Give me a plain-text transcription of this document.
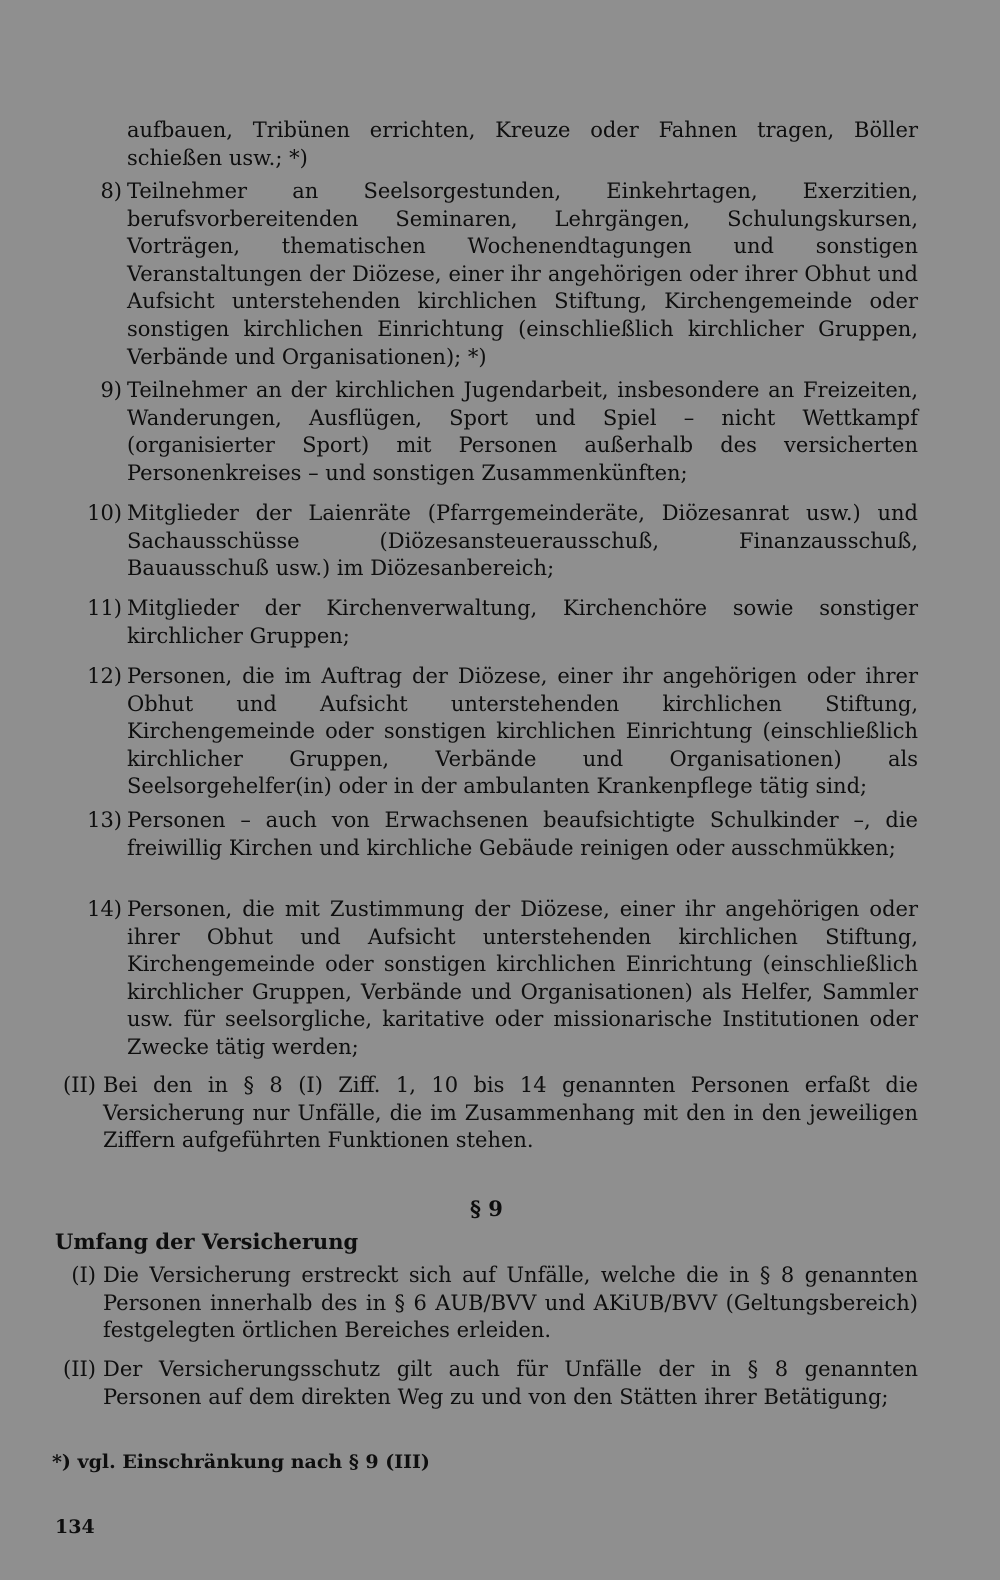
aufbauen, Tribünen errichten, Kreuze oder Fahnen tragen, Böller schießen usw.; *)
8) Teilnehmer an Seelsorgestunden, Einkehrtagen, Exerzitien, berufsvorbereitenden Seminaren, Lehrgängen, Schulungskursen, Vorträgen, thematischen Wochenendtagungen und sonstigen Veranstaltungen der Diözese, einer ihr angehörigen oder ihrer Obhut und Aufsicht unterstehenden kirchlichen Stiftung, Kirchengemeinde oder sonstigen kirchlichen Einrichtung (einschließlich kirchlicher Gruppen, Verbände und Organisationen); *)
9) Teilnehmer an der kirchlichen Jugendarbeit, insbesondere an Freizeiten, Wanderungen, Ausflügen, Sport und Spiel – nicht Wettkampf (organisierter Sport) mit Personen außerhalb des versicherten Personenkreises – und sonstigen Zusammenkünften;
10) Mitglieder der Laienräte (Pfarrgemeinderäte, Diözesanrat usw.) und Sachausschüsse (Diözesansteuerausschuß, Finanzausschuß, Bauausschuß usw.) im Diözesanbereich;
11) Mitglieder der Kirchenverwaltung, Kirchenchöre sowie sonstiger kirchlicher Gruppen;
12) Personen, die im Auftrag der Diözese, einer ihr angehörigen oder ihrer Obhut und Aufsicht unterstehenden kirchlichen Stiftung, Kirchengemeinde oder sonstigen kirchlichen Einrichtung (einschließlich kirchlicher Gruppen, Verbände und Organisationen) als Seelsorgehelfer(in) oder in der ambulanten Krankenpflege tätig sind;
13) Personen – auch von Erwachsenen beaufsichtigte Schulkinder –, die freiwillig Kirchen und kirchliche Gebäude reinigen oder ausschmükken;
14) Personen, die mit Zustimmung der Diözese, einer ihr angehörigen oder ihrer Obhut und Aufsicht unterstehenden kirchlichen Stiftung, Kirchengemeinde oder sonstigen kirchlichen Einrichtung (einschließlich kirchlicher Gruppen, Verbände und Organisationen) als Helfer, Sammler usw. für seelsorgliche, karitative oder missionarische Institutionen oder Zwecke tätig werden;
(II) Bei den in § 8 (I) Ziff. 1, 10 bis 14 genannten Personen erfaßt die Versicherung nur Unfälle, die im Zusammenhang mit den in den jeweiligen Ziffern aufgeführten Funktionen stehen.
§ 9
Umfang der Versicherung
(I) Die Versicherung erstreckt sich auf Unfälle, welche die in § 8 genannten Personen innerhalb des in § 6 AUB/BVV und AKiUB/BVV (Geltungsbereich) festgelegten örtlichen Bereiches erleiden.
(II) Der Versicherungsschutz gilt auch für Unfälle der in § 8 genannten Personen auf dem direkten Weg zu und von den Stätten ihrer Betätigung;
*) vgl. Einschränkung nach § 9 (III)
134
